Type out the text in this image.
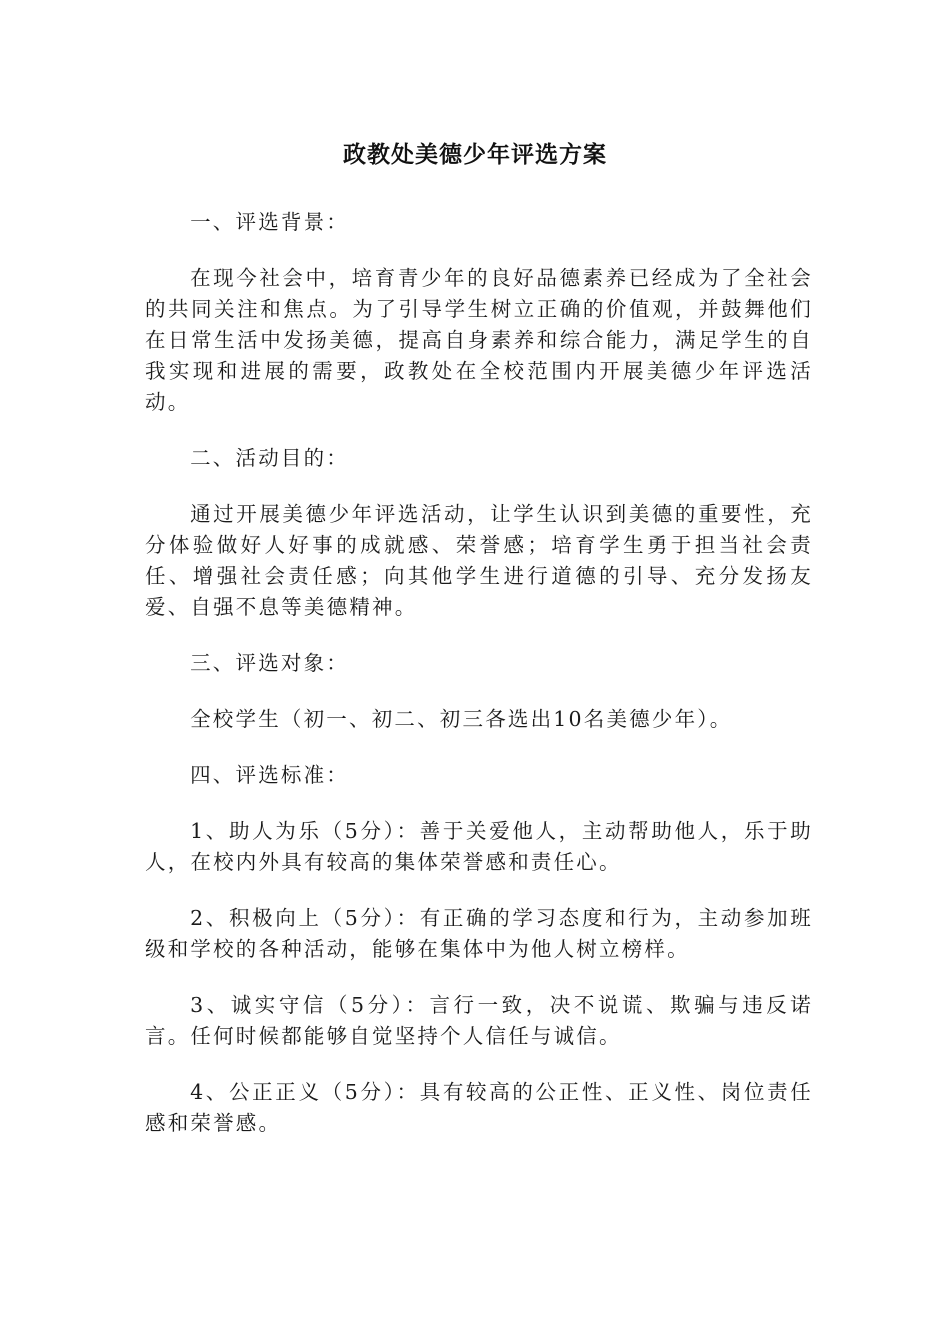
政教处美德少年评选方案

一、评选背景：

在现今社会中，培育青少年的良好品德素养已经成为了全社会的共同关注和焦点。为了引导学生树立正确的价值观，并鼓舞他们在日常生活中发扬美德，提高自身素养和综合能力，满足学生的自我实现和进展的需要，政教处在全校范围内开展美德少年评选活动。

二、活动目的：

通过开展美德少年评选活动，让学生认识到美德的重要性，充分体验做好人好事的成就感、荣誉感；培育学生勇于担当社会责任、增强社会责任感；向其他学生进行道德的引导、充分发扬友爱、自强不息等美德精神。

三、评选对象：

全校学生（初一、初二、初三各选出10名美德少年）。

四、评选标准：

1、助人为乐（5分）：善于关爱他人，主动帮助他人，乐于助人，在校内外具有较高的集体荣誉感和责任心。

2、积极向上（5分）：有正确的学习态度和行为，主动参加班级和学校的各种活动，能够在集体中为他人树立榜样。

3、诚实守信（5分）：言行一致，决不说谎、欺骗与违反诺言。任何时候都能够自觉坚持个人信任与诚信。

4、公正正义（5分）：具有较高的公正性、正义性、岗位责任感和荣誉感。
